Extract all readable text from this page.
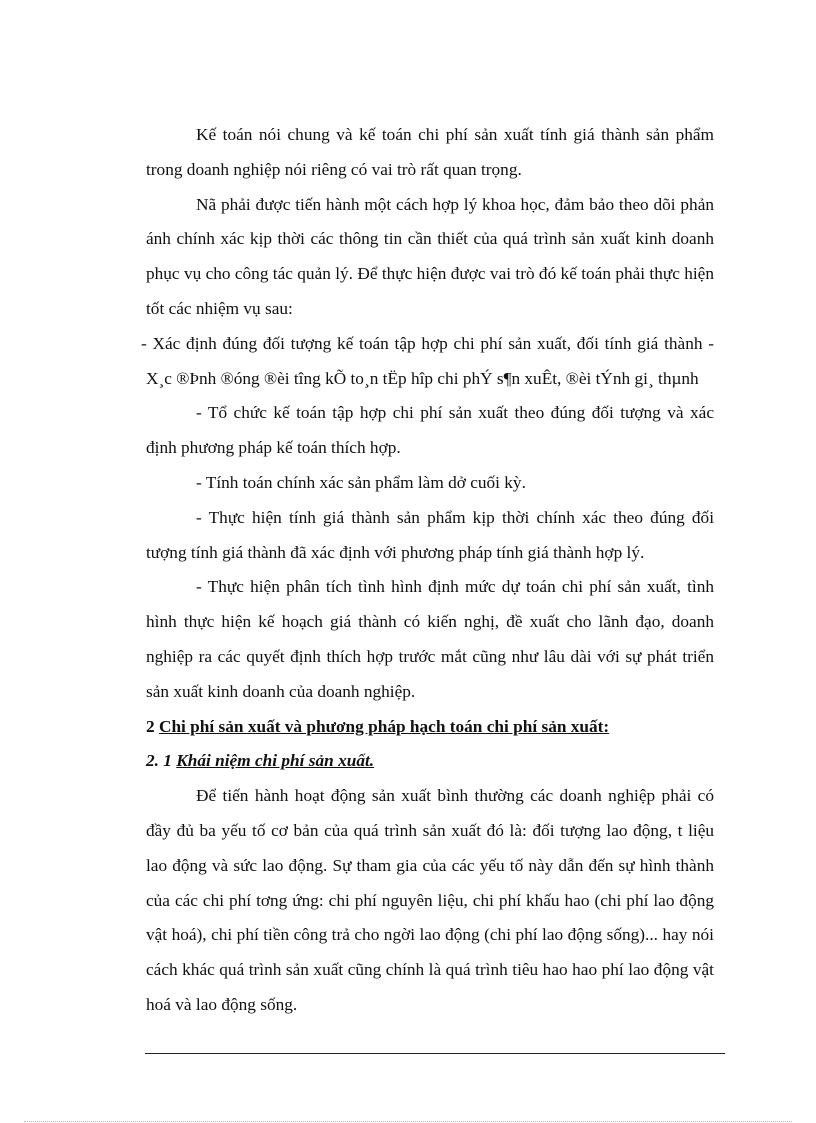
Kế toán nói chung và kế toán chi phí sản xuất tính giá thành sản phẩm trong doanh nghiệp nói riêng có vai trò rất quan trọng.

Nã phải được tiến hành một cách hợp lý khoa học, đảm bảo theo dõi phản ánh chính xác kịp thời các thông tin cần thiết của quá trình sản xuất kinh doanh phục vụ cho công tác quản lý. Để thực hiện được vai trò đó kế toán phải thực hiện tốt các nhiệm vụ sau:

- Xác định đúng đối tượng kế toán tập hợp chi phí sản xuất, đối tính giá thành - X¸c ®Þnh ®óng ®èi tîng kÕ to¸n tËp hîp chi phÝ s¶n xuÊt, ®èi tÝnh gi¸ thµnh

- Tổ chức kế toán tập hợp chi phí sản xuất theo đúng đối tượng và xác định phương pháp kế toán thích hợp.

- Tính toán chính xác sản phẩm làm dở cuối kỳ.

- Thực hiện tính giá thành sản phẩm kịp thời chính xác theo đúng đối tượng tính giá thành đã xác định với phương pháp tính giá thành hợp lý.

- Thực hiện phân tích tình hình định mức dự toán chi phí sản xuất, tình hình thực hiện kế hoạch giá thành có kiến nghị, đề xuất cho lãnh đạo, doanh nghiệp ra các quyết định thích hợp trước mắt cũng như lâu dài với sự phát triển sản xuất kinh doanh của doanh nghiệp.

2 Chi phí sản xuất và phương pháp hạch toán chi phí sản xuất:

2. 1 Khái niệm chi phí sản xuất.

Để tiến hành hoạt động sản xuất bình thường các doanh nghiệp phải có đầy đủ ba yếu tố cơ bản của quá trình sản xuất đó là: đối tượng lao động, t liệu lao động và sức lao động. Sự tham gia của các yếu tố này dẫn đến sự hình thành của các chi phí tơng ứng: chi phí nguyên liệu, chi phí khấu hao (chi phí lao động vật hoá), chi phí tiền công trả cho ngời lao động (chi phí lao động sống)... hay nói cách khác quá trình sản xuất cũng chính là quá trình tiêu hao hao phí lao động vật hoá và lao động sống.
